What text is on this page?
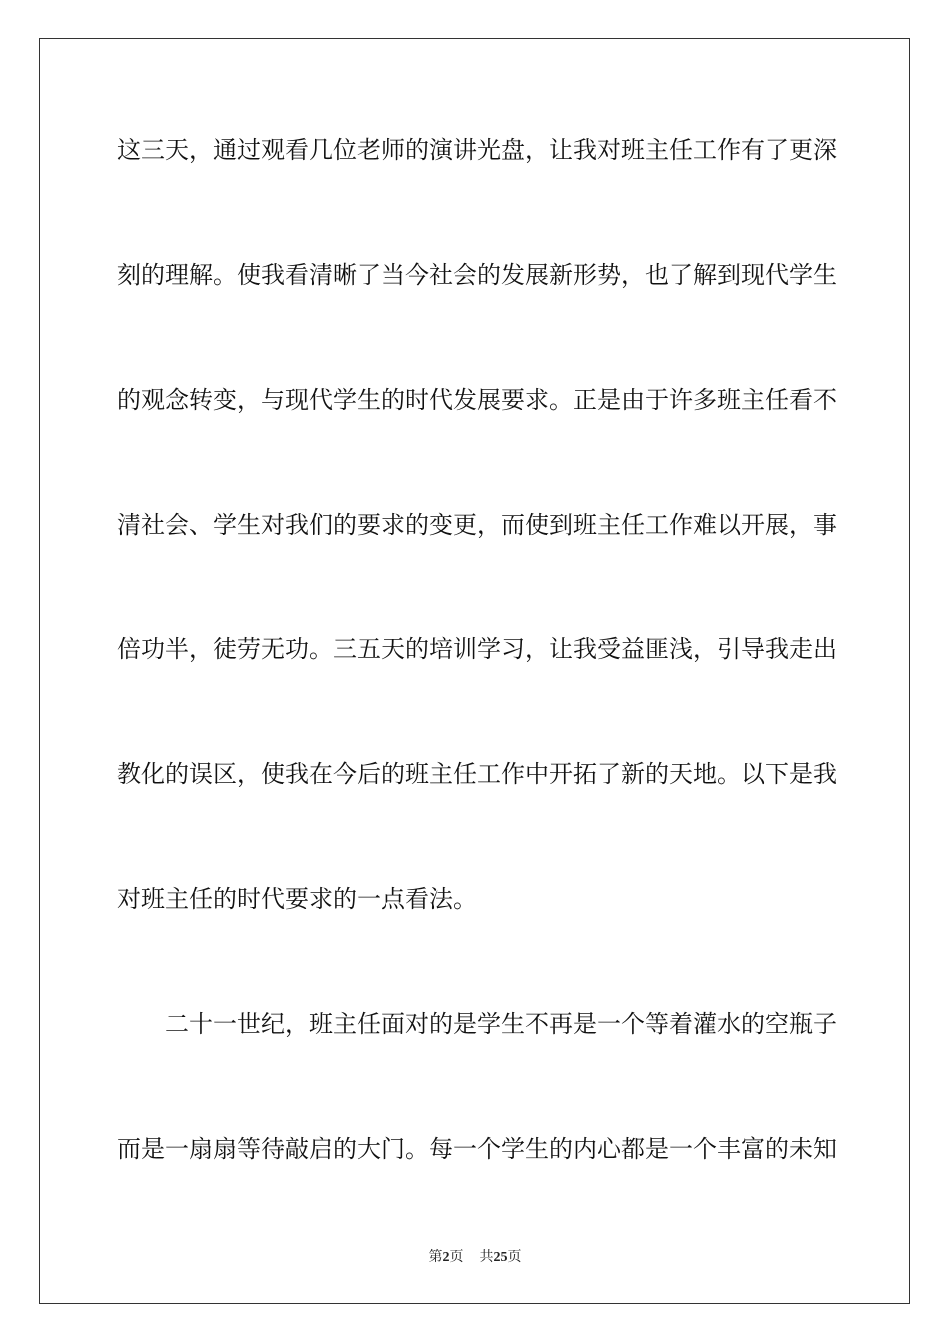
这三天，通过观看几位老师的演讲光盘，让我对班主任工作有了更深
刻的理解。使我看清晰了当今社会的发展新形势，也了解到现代学生
的观念转变，与现代学生的时代发展要求。正是由于许多班主任看不
清社会、学生对我们的要求的变更，而使到班主任工作难以开展，事
倍功半，徒劳无功。三五天的培训学习，让我受益匪浅，引导我走出
教化的误区，使我在今后的班主任工作中开拓了新的天地。以下是我
对班主任的时代要求的一点看法。
二十一世纪，班主任面对的是学生不再是一个等着灌水的空瓶子
而是一扇扇等待敲启的大门。每一个学生的内心都是一个丰富的未知
第2页 共25页
